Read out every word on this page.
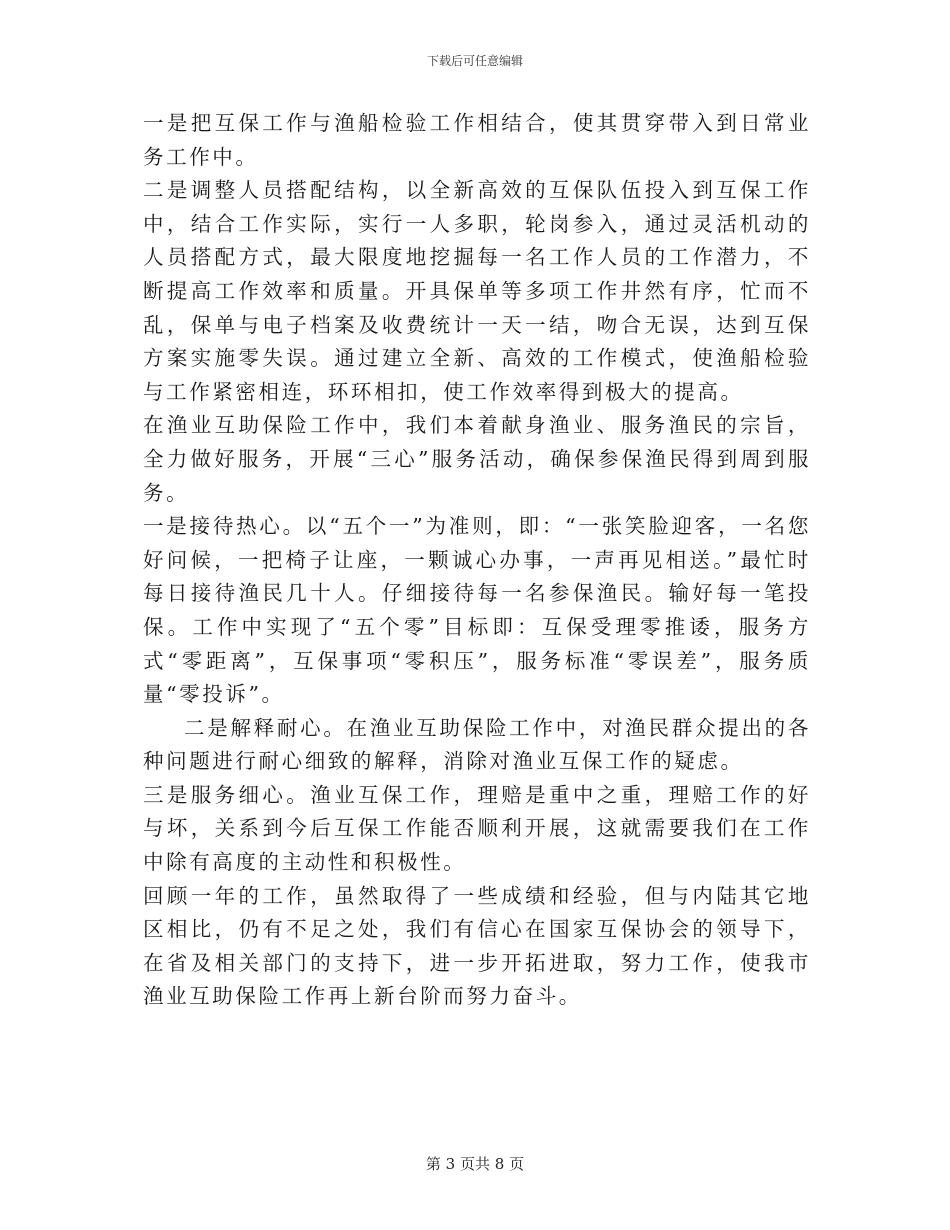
下载后可任意编辑

一是把互保工作与渔船检验工作相结合，使其贯穿带入到日常业务工作中。

二是调整人员搭配结构，以全新高效的互保队伍投入到互保工作中，结合工作实际，实行一人多职，轮岗参入，通过灵活机动的人员搭配方式，最大限度地挖掘每一名工作人员的工作潜力，不断提高工作效率和质量。开具保单等多项工作井然有序，忙而不乱，保单与电子档案及收费统计一天一结，吻合无误，达到互保方案实施零失误。通过建立全新、高效的工作模式，使渔船检验与工作紧密相连，环环相扣，使工作效率得到极大的提高。

在渔业互助保险工作中，我们本着献身渔业、服务渔民的宗旨，全力做好服务，开展“三心”服务活动，确保参保渔民得到周到服务。

一是接待热心。以“五个一”为准则，即：“一张笑脸迎客，一名您好问候，一把椅子让座，一颗诚心办事，一声再见相送。”最忙时每日接待渔民几十人。仔细接待每一名参保渔民。输好每一笔投保。工作中实现了“五个零”目标即：互保受理零推诿，服务方式“零距离”，互保事项“零积压”，服务标准“零误差”，服务质量“零投诉”。

二是解释耐心。在渔业互助保险工作中，对渔民群众提出的各种问题进行耐心细致的解释，消除对渔业互保工作的疑虑。

三是服务细心。渔业互保工作，理赔是重中之重，理赔工作的好与坏，关系到今后互保工作能否顺利开展，这就需要我们在工作中除有高度的主动性和积极性。

回顾一年的工作，虽然取得了一些成绩和经验，但与内陆其它地区相比，仍有不足之处，我们有信心在国家互保协会的领导下，在省及相关部门的支持下，进一步开拓进取，努力工作，使我市渔业互助保险工作再上新台阶而努力奋斗。

第 3 页共 8 页
